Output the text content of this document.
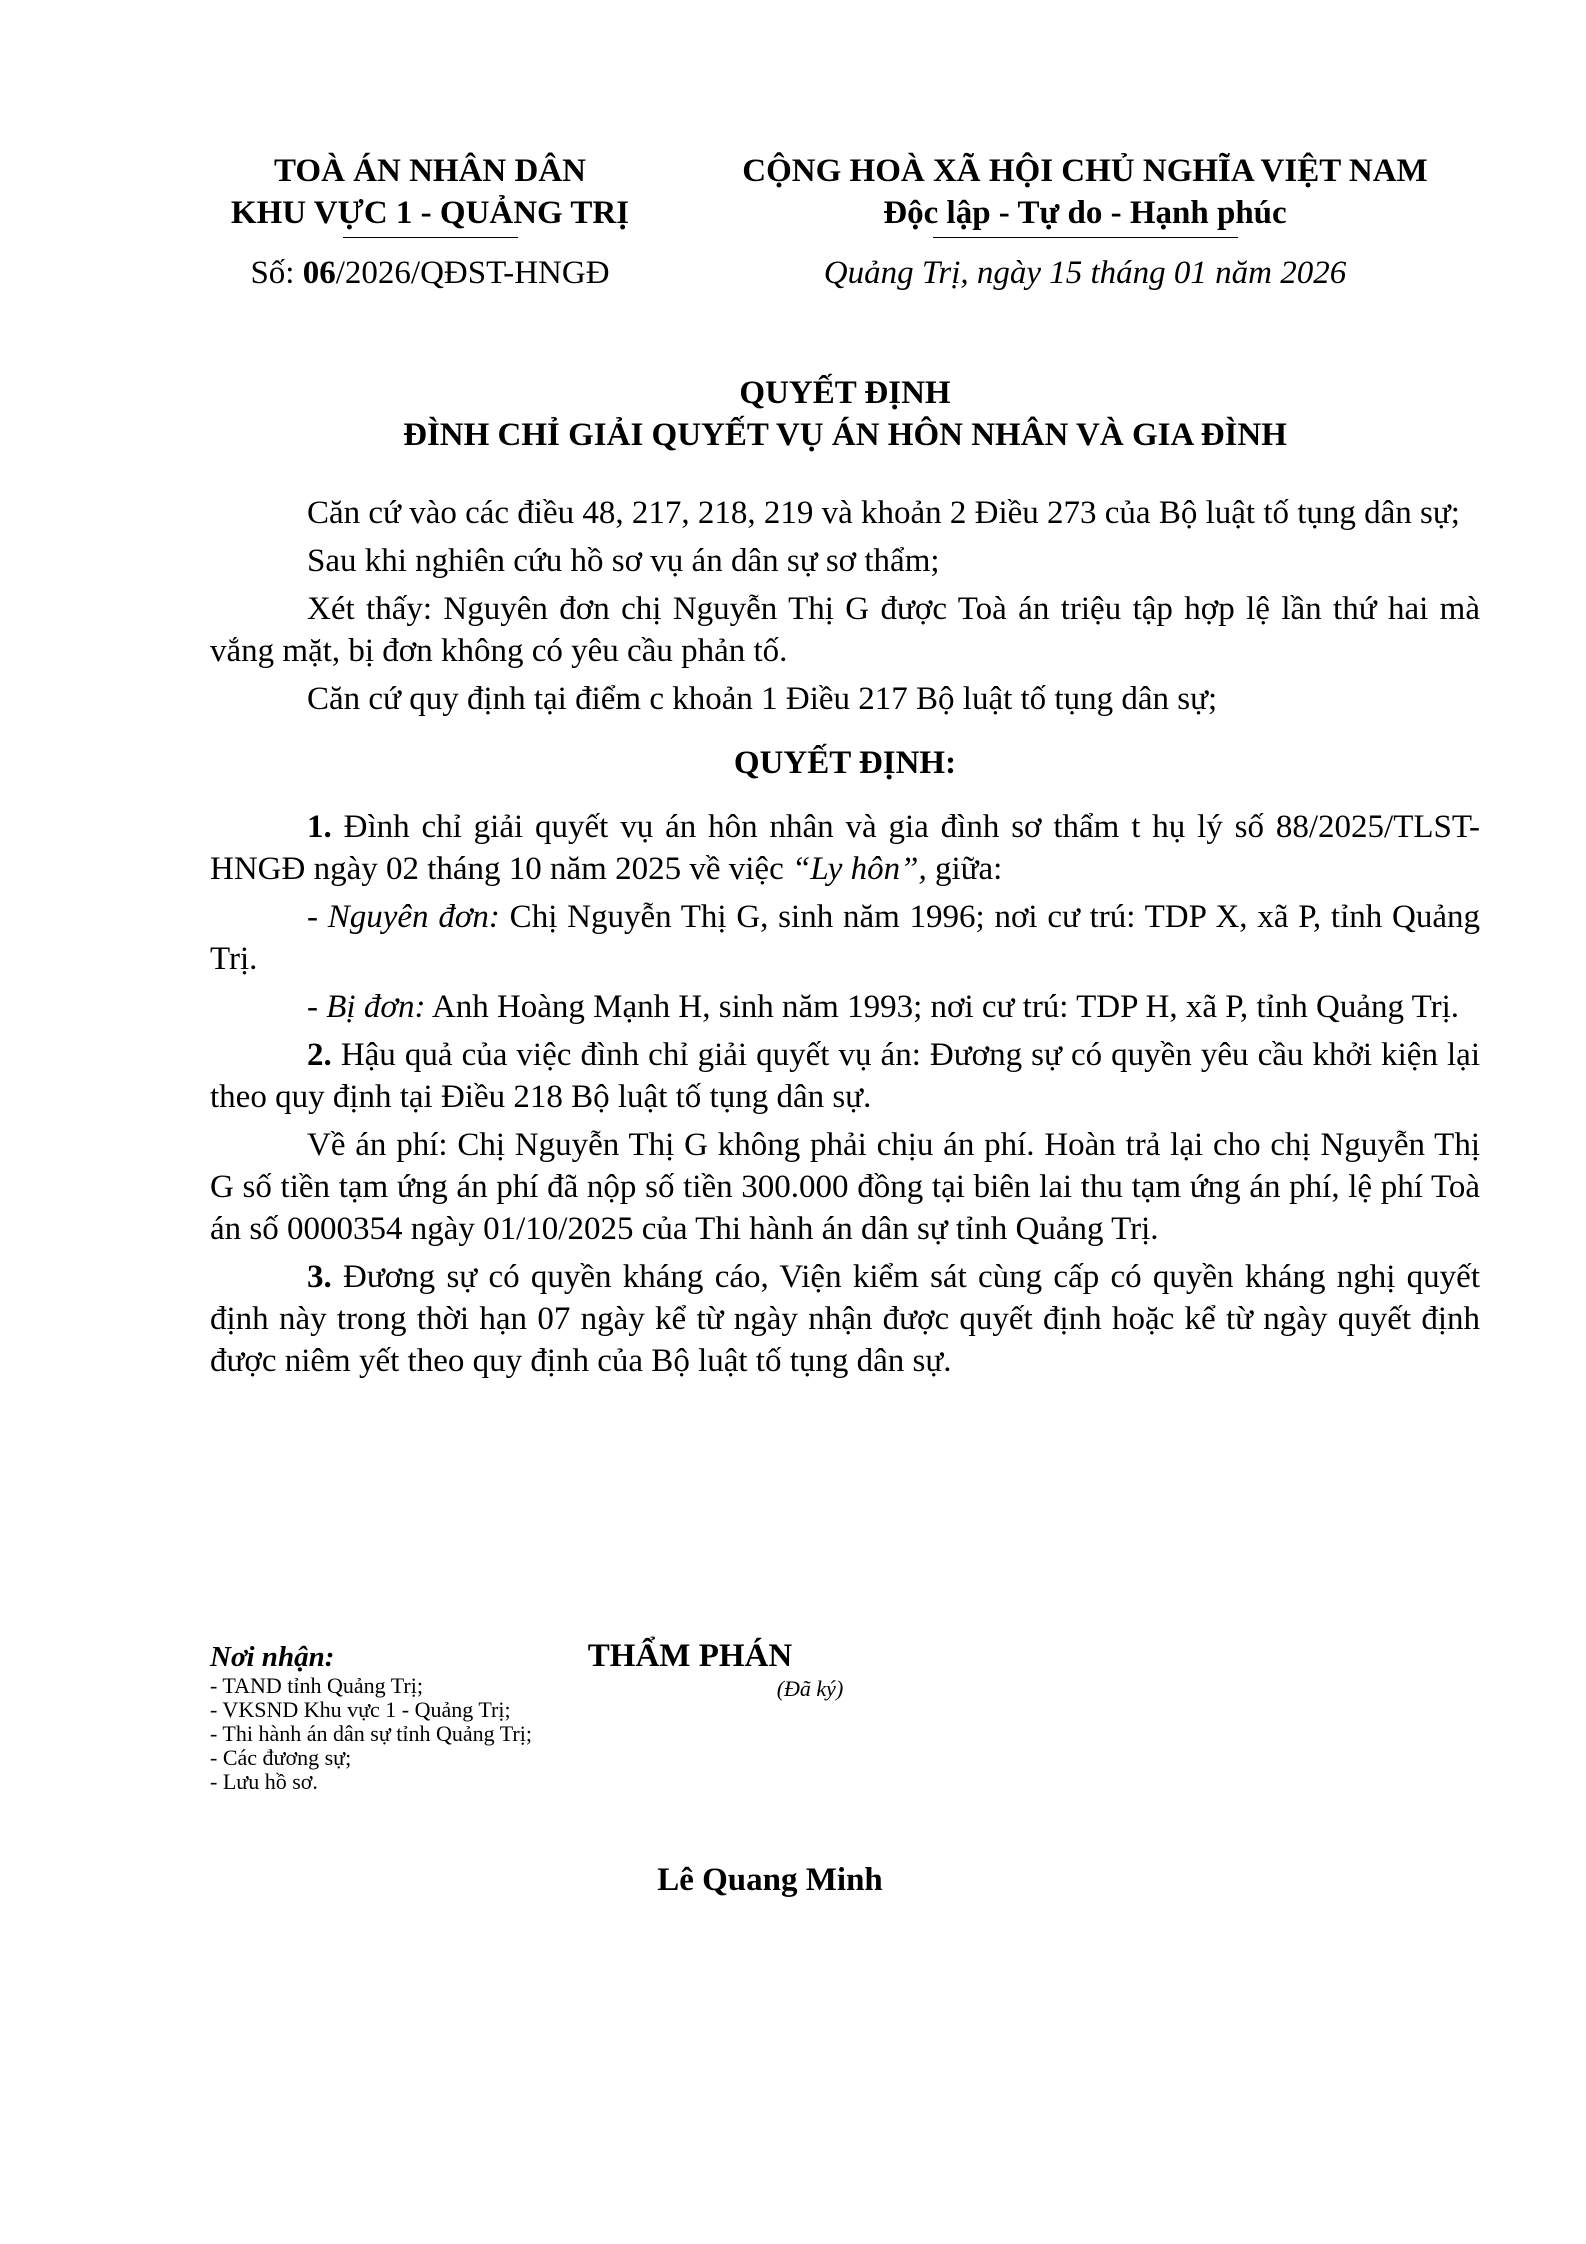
TOÀ ÁN NHÂN DÂN
KHU VỰC 1 - QUẢNG TRỊ
CỘNG HOÀ XÃ HỘI CHỦ NGHĨA VIỆT NAM
Độc lập - Tự do - Hạnh phúc
Số: 06/2026/QĐST-HNGĐ	Quảng Trị, ngày 15 tháng 01 năm 2026
QUYẾT ĐỊNH
ĐÌNH CHỈ GIẢI QUYẾT VỤ ÁN HÔN NHÂN VÀ GIA ĐÌNH

Căn cứ vào các điều 48, 217, 218, 219 và khoản 2 Điều 273 của Bộ luật tố tụng dân sự;

Sau khi nghiên cứu hồ sơ vụ án dân sự sơ thẩm;

Xét thấy: Nguyên đơn chị Nguyễn Thị G được Toà án triệu tập hợp lệ lần thứ hai mà vắng mặt, bị đơn không có yêu cầu phản tố.

Căn cứ quy định tại điểm c khoản 1 Điều 217 Bộ luật tố tụng dân sự;

QUYẾT ĐỊNH:

1. Đình chỉ giải quyết vụ án hôn nhân và gia đình sơ thẩm t hụ lý số 88/2025/TLST-HNGĐ ngày 02 tháng 10 năm 2025 về việc “Ly hôn”, giữa:

- Nguyên đơn: Chị Nguyễn Thị G, sinh năm 1996; nơi cư trú: TDP X, xã P, tỉnh Quảng Trị.

- Bị đơn: Anh Hoàng Mạnh H, sinh năm 1993; nơi cư trú: TDP H, xã P, tỉnh Quảng Trị.

2. Hậu quả của việc đình chỉ giải quyết vụ án: Đương sự có quyền yêu cầu khởi kiện lại theo quy định tại Điều 218 Bộ luật tố tụng dân sự.

Về án phí: Chị Nguyễn Thị G không phải chịu án phí. Hoàn trả lại cho chị Nguyễn Thị G số tiền tạm ứng án phí đã nộp số tiền 300.000 đồng tại biên lai thu tạm ứng án phí, lệ phí Toà án số 0000354 ngày 01/10/2025 của Thi hành án dân sự tỉnh Quảng Trị.

3. Đương sự có quyền kháng cáo, Viện kiểm sát cùng cấp có quyền kháng nghị quyết định này trong thời hạn 07 ngày kể từ ngày nhận được quyết định hoặc kể từ ngày quyết định được niêm yết theo quy định của Bộ luật tố tụng dân sự.

Nơi nhận:
- TAND tỉnh Quảng Trị;
- VKSND Khu vực 1 - Quảng Trị;
- Thi hành án dân sự tỉnh Quảng Trị;
- Các đương sự;
- Lưu hồ sơ.
THẨM PHÁN
(Đã ký)
Lê Quang Minh
